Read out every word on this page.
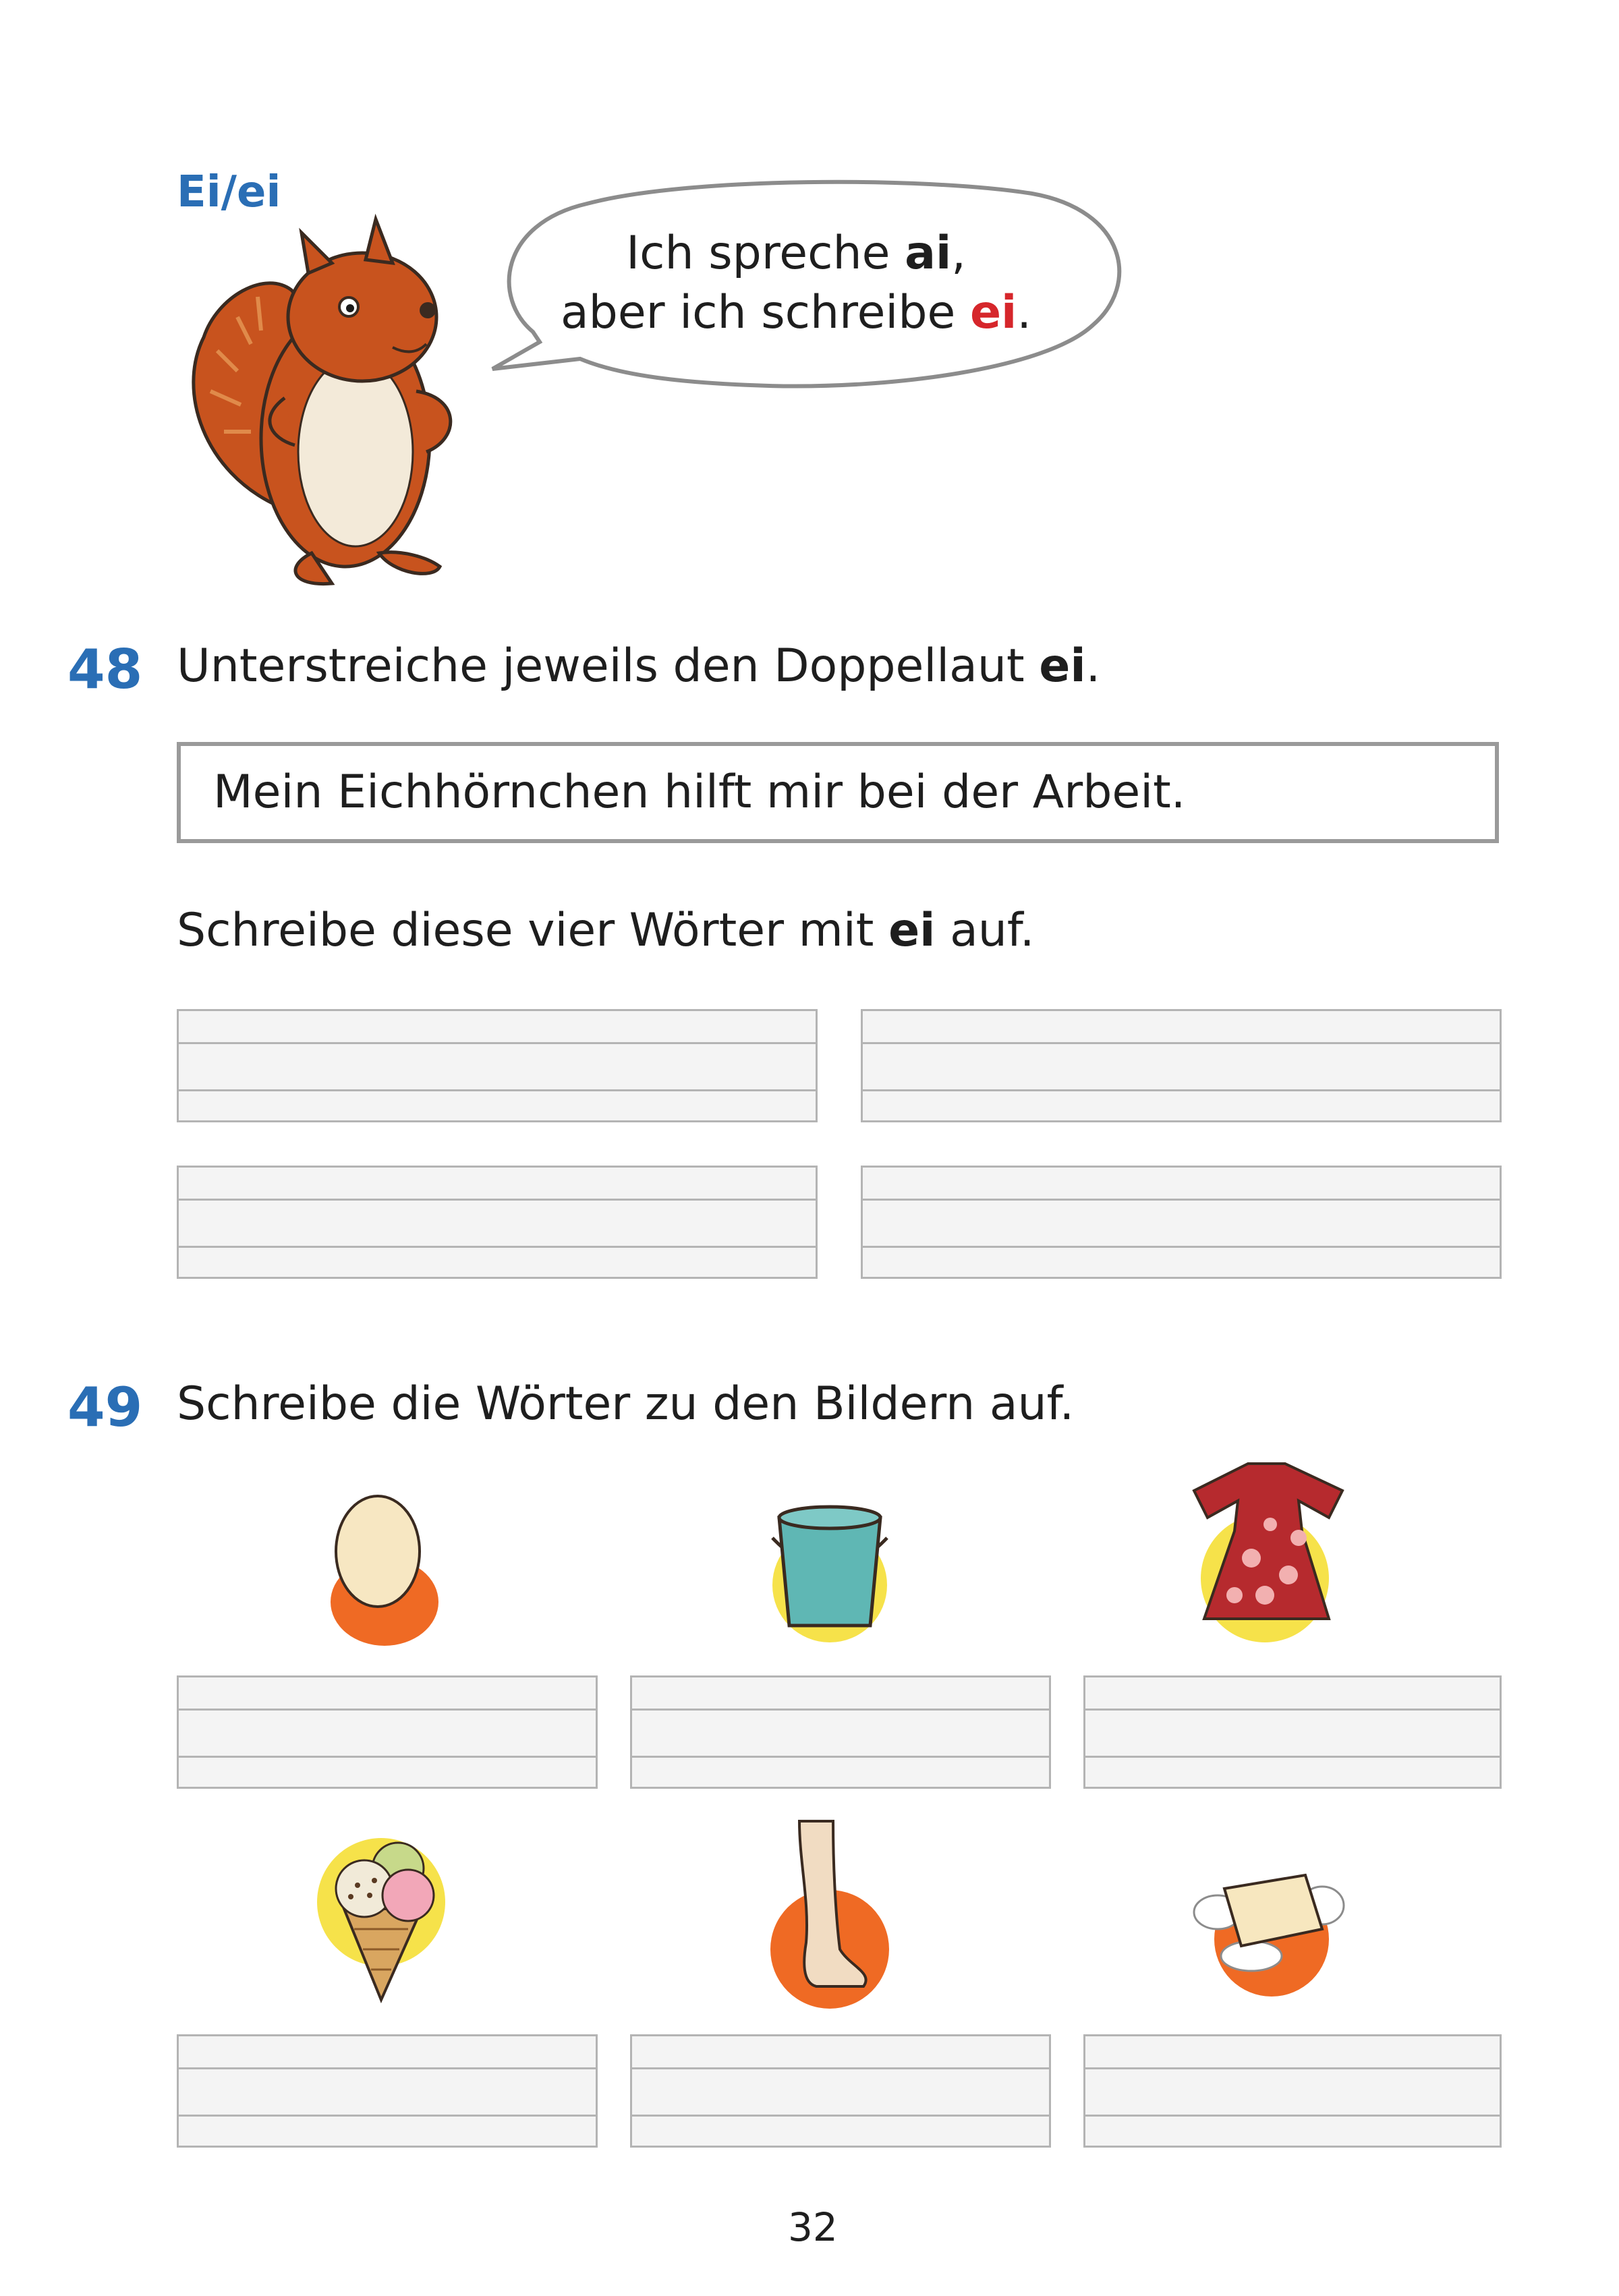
Ei/ei
Ich spreche ai,
aber ich schreibe ei.
48 Unterstreiche jeweils den Doppellaut ei.
Mein Eichhörnchen hilft mir bei der Arbeit.
Schreibe diese vier Wörter mit ei auf.
49 Schreibe die Wörter zu den Bildern auf.
32
